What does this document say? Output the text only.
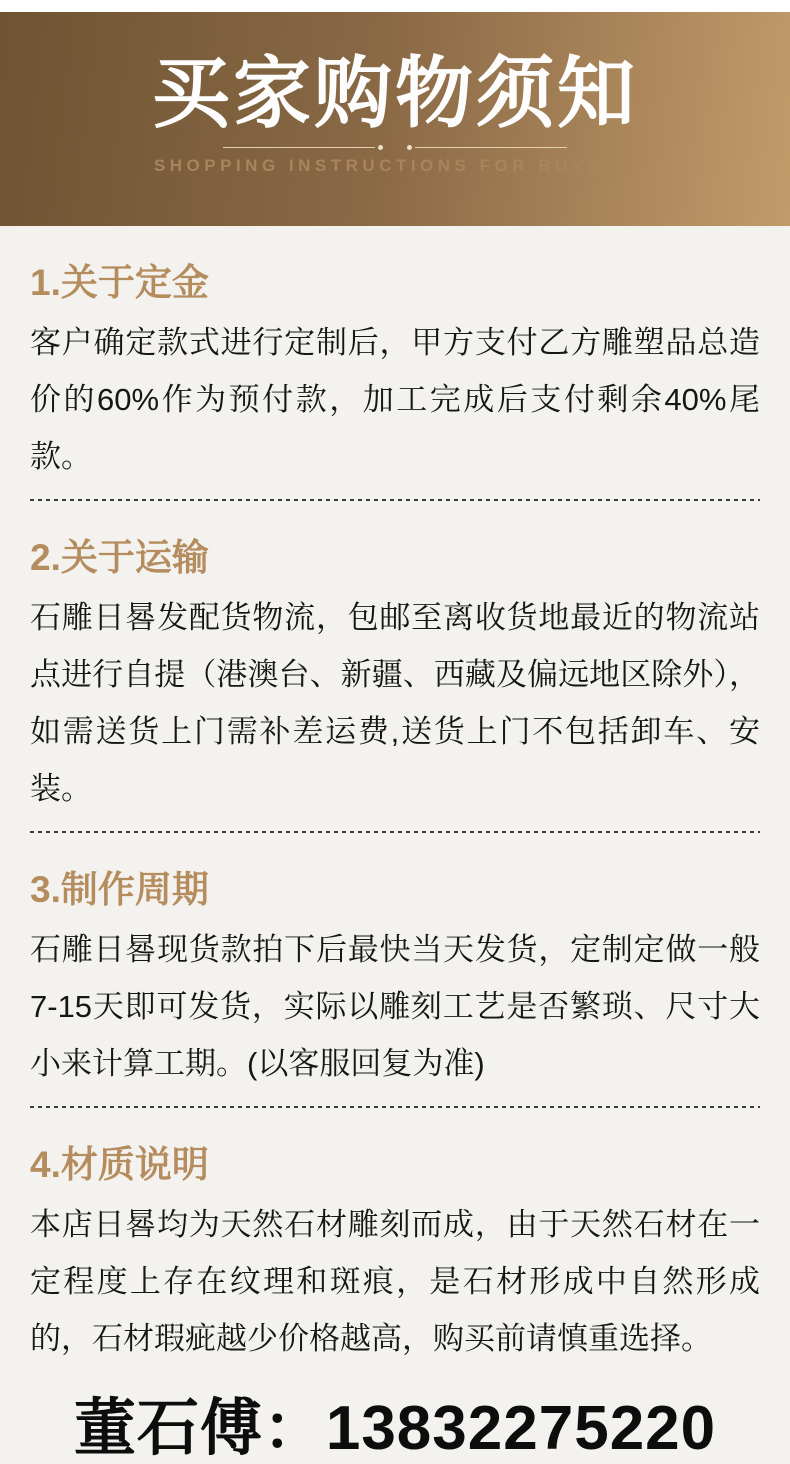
买家购物须知
SHOPPING INSTRUCTIONS FOR BUYERS
1.关于定金
客户确定款式进行定制后，甲方支付乙方雕塑品总造价的60%作为预付款，加工完成后支付剩余40%尾款。
2.关于运输
石雕日晷发配货物流，包邮至离收货地最近的物流站点进行自提（港澳台、新疆、西藏及偏远地区除外），如需送货上门需补差运费,送货上门不包括卸车、安装。
3.制作周期
石雕日晷现货款拍下后最快当天发货，定制定做一般7-15天即可发货，实际以雕刻工艺是否繁琐、尺寸大小来计算工期。(以客服回复为准)
4.材质说明
本店日晷均为天然石材雕刻而成，由于天然石材在一定程度上存在纹理和斑痕，是石材形成中自然形成的，石材瑕疵越少价格越高，购买前请慎重选择。
董石傅：13832275220
